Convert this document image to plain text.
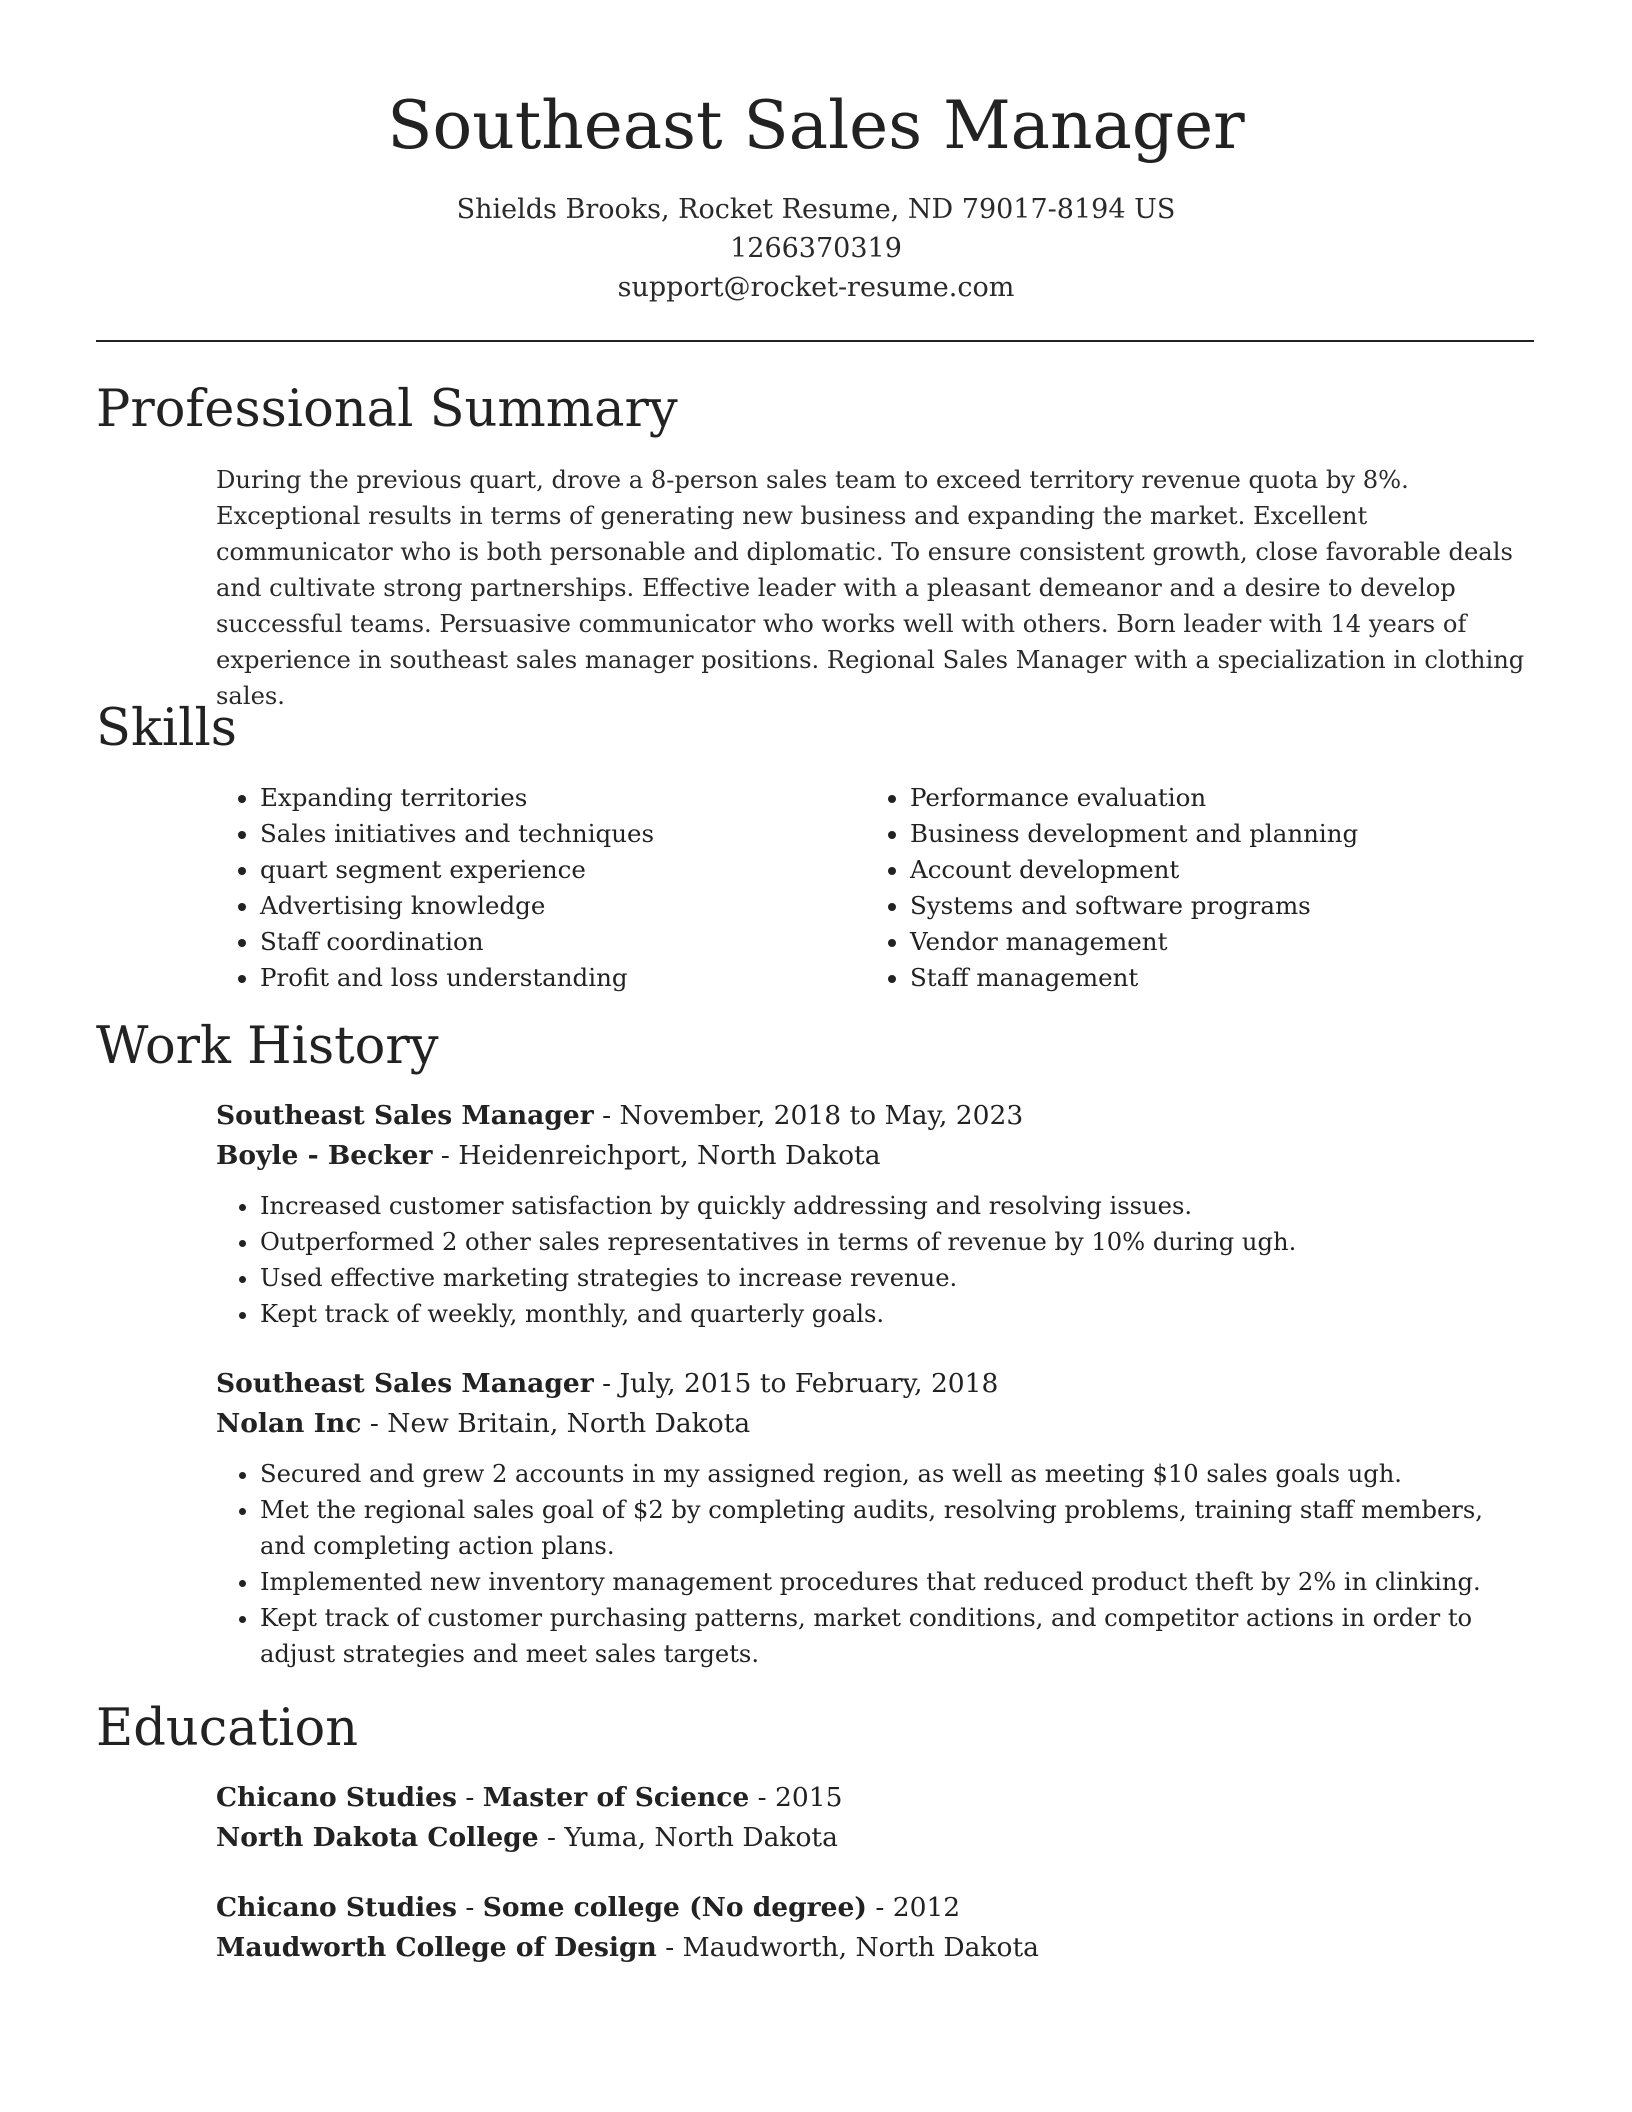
Southeast Sales Manager
Shields Brooks, Rocket Resume, ND 79017-8194 US
1266370319
support@rocket-resume.com
Professional Summary

During the previous quart, drove a 8-person sales team to exceed territory revenue quota by 8%. Exceptional results in terms of generating new business and expanding the market. Excellent communicator who is both personable and diplomatic. To ensure consistent growth, close favorable deals and cultivate strong partnerships. Effective leader with a pleasant demeanor and a desire to develop successful teams. Persuasive communicator who works well with others. Born leader with 14 years of experience in southeast sales manager positions. Regional Sales Manager with a specialization in clothing sales.

Skills
• Expanding territories
• Sales initiatives and techniques
• quart segment experience
• Advertising knowledge
• Staff coordination
• Profit and loss understanding
• Performance evaluation
• Business development and planning
• Account development
• Systems and software programs
• Vendor management
• Staff management
Work History
Southeast Sales Manager - November, 2018 to May, 2023
Boyle - Becker - Heidenreichport, North Dakota
• Increased customer satisfaction by quickly addressing and resolving issues.
• Outperformed 2 other sales representatives in terms of revenue by 10% during ugh.
• Used effective marketing strategies to increase revenue.
• Kept track of weekly, monthly, and quarterly goals.
Southeast Sales Manager - July, 2015 to February, 2018
Nolan Inc - New Britain, North Dakota
• Secured and grew 2 accounts in my assigned region, as well as meeting $10 sales goals ugh.
• Met the regional sales goal of $2 by completing audits, resolving problems, training staff members, and completing action plans.
• Implemented new inventory management procedures that reduced product theft by 2% in clinking.
• Kept track of customer purchasing patterns, market conditions, and competitor actions in order to adjust strategies and meet sales targets.
Education
Chicano Studies - Master of Science - 2015
North Dakota College - Yuma, North Dakota
Chicano Studies - Some college (No degree) - 2012
Maudworth College of Design - Maudworth, North Dakota
